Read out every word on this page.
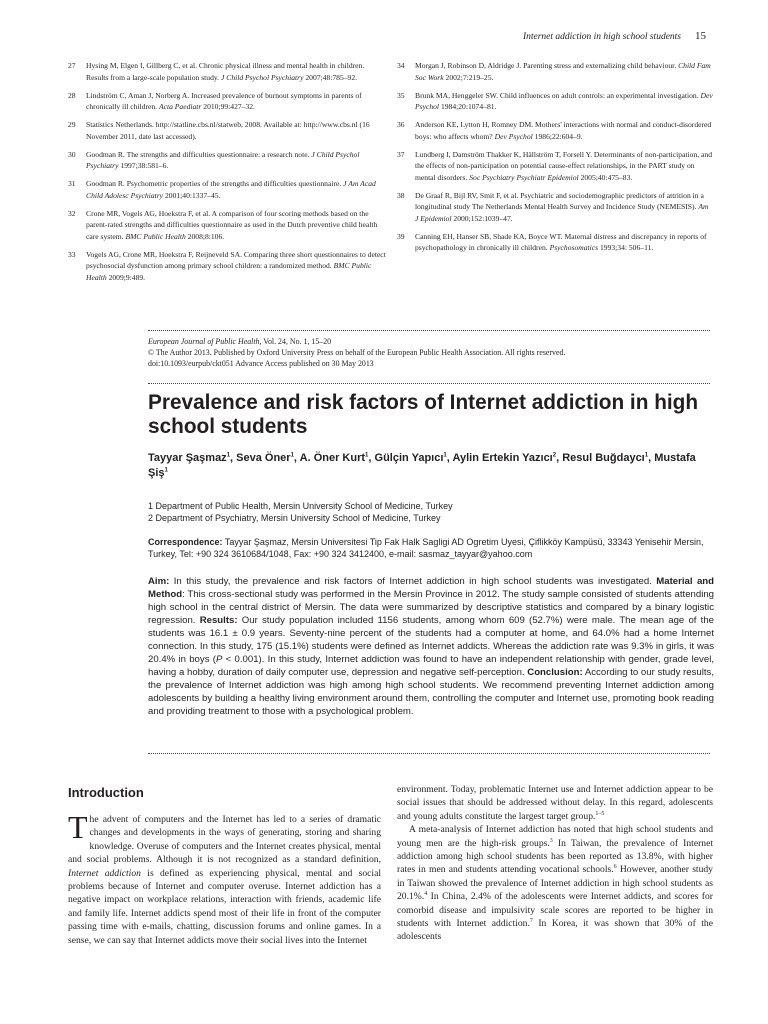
Internet addiction in high school students 15
27	Hysing M, Elgen I, Gillberg C, et al. Chronic physical illness and mental health in children. Results from a large-scale population study. J Child Psychol Psychiatry 2007;48:785–92.
28	Lindström C, Aman J, Norberg A. Increased prevalence of burnout symptoms in parents of chronically ill children. Acta Paediatr 2010;99:427–32.
29	Statistics Netherlands. http://statline.cbs.nl/statweb, 2008. Available at: http://www.cbs.nl (16 November 2011, date last accessed).
30	Goodman R. The strengths and difficulties questionnaire: a research note. J Child Psychol Psychiatry 1997;38:581–6.
31	Goodman R. Psychometric properties of the strengths and difficulties questionnaire. J Am Acad Child Adolesc Psychiatry 2001;40:1337–45.
32	Crone MR, Vogels AG, Hoekstra F, et al. A comparison of four scoring methods based on the parent-rated strengths and difficulties questionnaire as used in the Dutch preventive child health care system. BMC Public Health 2008;8:106.
33	Vogels AG, Crone MR, Hoekstra F, Reijneveld SA. Comparing three short questionnaires to detect psychosocial dysfunction among primary school children: a randomized method. BMC Public Health 2009;9:489.
34	Morgan J, Robinson D, Aldridge J. Parenting stress and externalizing child behaviour. Child Fam Soc Work 2002;7:219–25.
35	Brunk MA, Henggeler SW. Child influences on adult controls: an experimental investigation. Dev Psychol 1984;20:1074–81.
36	Anderson KE, Lytton H, Romney DM. Mothers' interactions with normal and conduct-disordered boys: who affects whom? Dev Psychol 1986;22:604–9.
37	Lundberg I, Damström Thakker K, Hällström T, Forsell Y. Determinants of non-participation, and the effects of non-participation on potential cause-effect relationships, in the PART study on mental disorders. Soc Psychiatry Psychiatr Epidemiol 2005;40:475–83.
38	De Graaf R, Bijl RV, Smit F, et al. Psychiatric and sociodemographic predictors of attrition in a longitudinal study The Netherlands Mental Health Survey and Incidence Study (NEMESIS). Am J Epidemiol 2000;152:1039–47.
39	Canning EH, Hanser SB, Shade KA, Boyce WT. Maternal distress and discrepancy in reports of psychopathology in chronically ill children. Psychosomatics 1993;34: 506–11.
European Journal of Public Health, Vol. 24, No. 1, 15–20
© The Author 2013. Published by Oxford University Press on behalf of the European Public Health Association. All rights reserved.
doi:10.1093/eurpub/ckt051 Advance Access published on 30 May 2013
Prevalence and risk factors of Internet addiction in high school students
Tayyar Şaşmaz$^1$, Seva Öner$^1$, A. Öner Kurt$^1$, Gülçin Yapıcı$^1$, Aylin Ertekin Yazıcı$^2$, Resul Buğdaycı$^1$, Mustafa Şiş$^1$
1 Department of Public Health, Mersin University School of Medicine, Turkey
2 Department of Psychiatry, Mersin University School of Medicine, Turkey
Correspondence: Tayyar Şaşmaz, Mersin Universitesi Tip Fak Halk Sagligi AD Ogretim Uyesi, Çiflikköy Kampüsü, 33343 Yenisehir Mersin, Turkey, Tel: +90 324 3610684/1048, Fax: +90 324 3412400, e-mail: sasmaz_tayyar@yahoo.com
Aim: In this study, the prevalence and risk factors of Internet addiction in high school students was investigated. Material and Method: This cross-sectional study was performed in the Mersin Province in 2012. The study sample consisted of students attending high school in the central district of Mersin. The data were summarized by descriptive statistics and compared by a binary logistic regression. Results: Our study population included 1156 students, among whom 609 (52.7%) were male. The mean age of the students was 16.1 ± 0.9 years. Seventy-nine percent of the students had a computer at home, and 64.0% had a home Internet connection. In this study, 175 (15.1%) students were defined as Internet addicts. Whereas the addiction rate was 9.3% in girls, it was 20.4% in boys (P < 0.001). In this study, Internet addiction was found to have an independent relationship with gender, grade level, having a hobby, duration of daily computer use, depression and negative self-perception. Conclusion: According to our study results, the prevalence of Internet addiction was high among high school students. We recommend preventing Internet addiction among adolescents by building a healthy living environment around them, controlling the computer and Internet use, promoting book reading and providing treatment to those with a psychological problem.
Introduction

The advent of computers and the Internet has led to a series of dramatic changes and developments in the ways of generating, storing and sharing knowledge. Overuse of computers and the Internet creates physical, mental and social problems. Although it is not recognized as a standard definition, Internet addiction is defined as experiencing physical, mental and social problems because of Internet and computer overuse. Internet addiction has a negative impact on workplace relations, interaction with friends, academic life and family life. Internet addicts spend most of their life in front of the computer passing time with e-mails, chatting, discussion forums and online games. In a sense, we can say that Internet addicts move their social lives into the Internet

environment. Today, problematic Internet use and Internet addiction appear to be social issues that should be addressed without delay. In this regard, adolescents and young adults constitute the largest target group.$^{1-5}$

A meta-analysis of Internet addiction has noted that high school students and young men are the high-risk groups.$^3$ In Taiwan, the prevalence of Internet addiction among high school students has been reported as 13.8%, with higher rates in men and students attending vocational schools.$^6$ However, another study in Taiwan showed the prevalence of Internet addiction in high school students as 20.1%.$^4$ In China, 2.4% of the adolescents were Internet addicts, and scores for comorbid disease and impulsivity scale scores are reported to be higher in students with Internet addiction.$^7$ In Korea, it was shown that 30% of the adolescents
